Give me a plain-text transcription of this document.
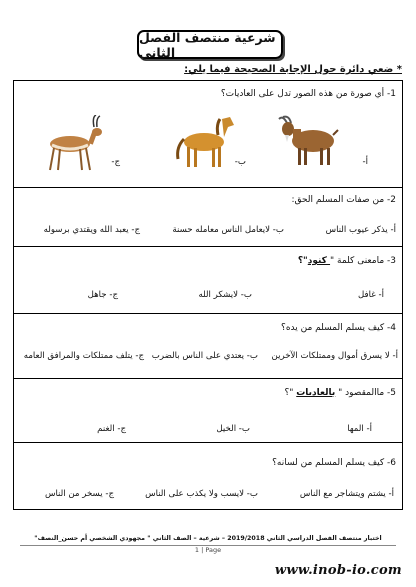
شرعية منتصف الفصل الثاني
* ضعي دائرة حول الإجابة الصحيحة فيما يلي:
1- أي صورة من هذه الصور تدل على العاديات؟
أ-
ب-
ج-
2- من صفات المسلم الحق:
أ- يذكر عيوب الناس
ب- لايعامل الناس معامله حسنة
ج- يعبد الله ويقتدي برسوله
3- مامعنى كلمة " كنود"؟
أ- غافل
ب- لايشكر الله
ج- جاهل
4- كيف يسلم المسلم من يده؟
أ- لا يسرق أموال وممتلكات الآخرين
ب- يعتدي على الناس بالضرب
ج- يتلف ممتلكات والمرافق العامه
5- ماالمقصود " بالعاديات "؟
أ- المها
ب- الخيل
ج- الغنم
6- كيف يسلم المسلم من لسانه؟
أ- يشتم ويتشاجر مع الناس
ب- لايسب ولا يكذب على الناس
ج- يسخر من الناس
اختبار منتصف الفصل الدراسي الثاني 2019/2018 – شرعية – الصف الثاني " مجهودي الشخصي أم حسن_النصف"
1 | Page
www.inob-io.com
